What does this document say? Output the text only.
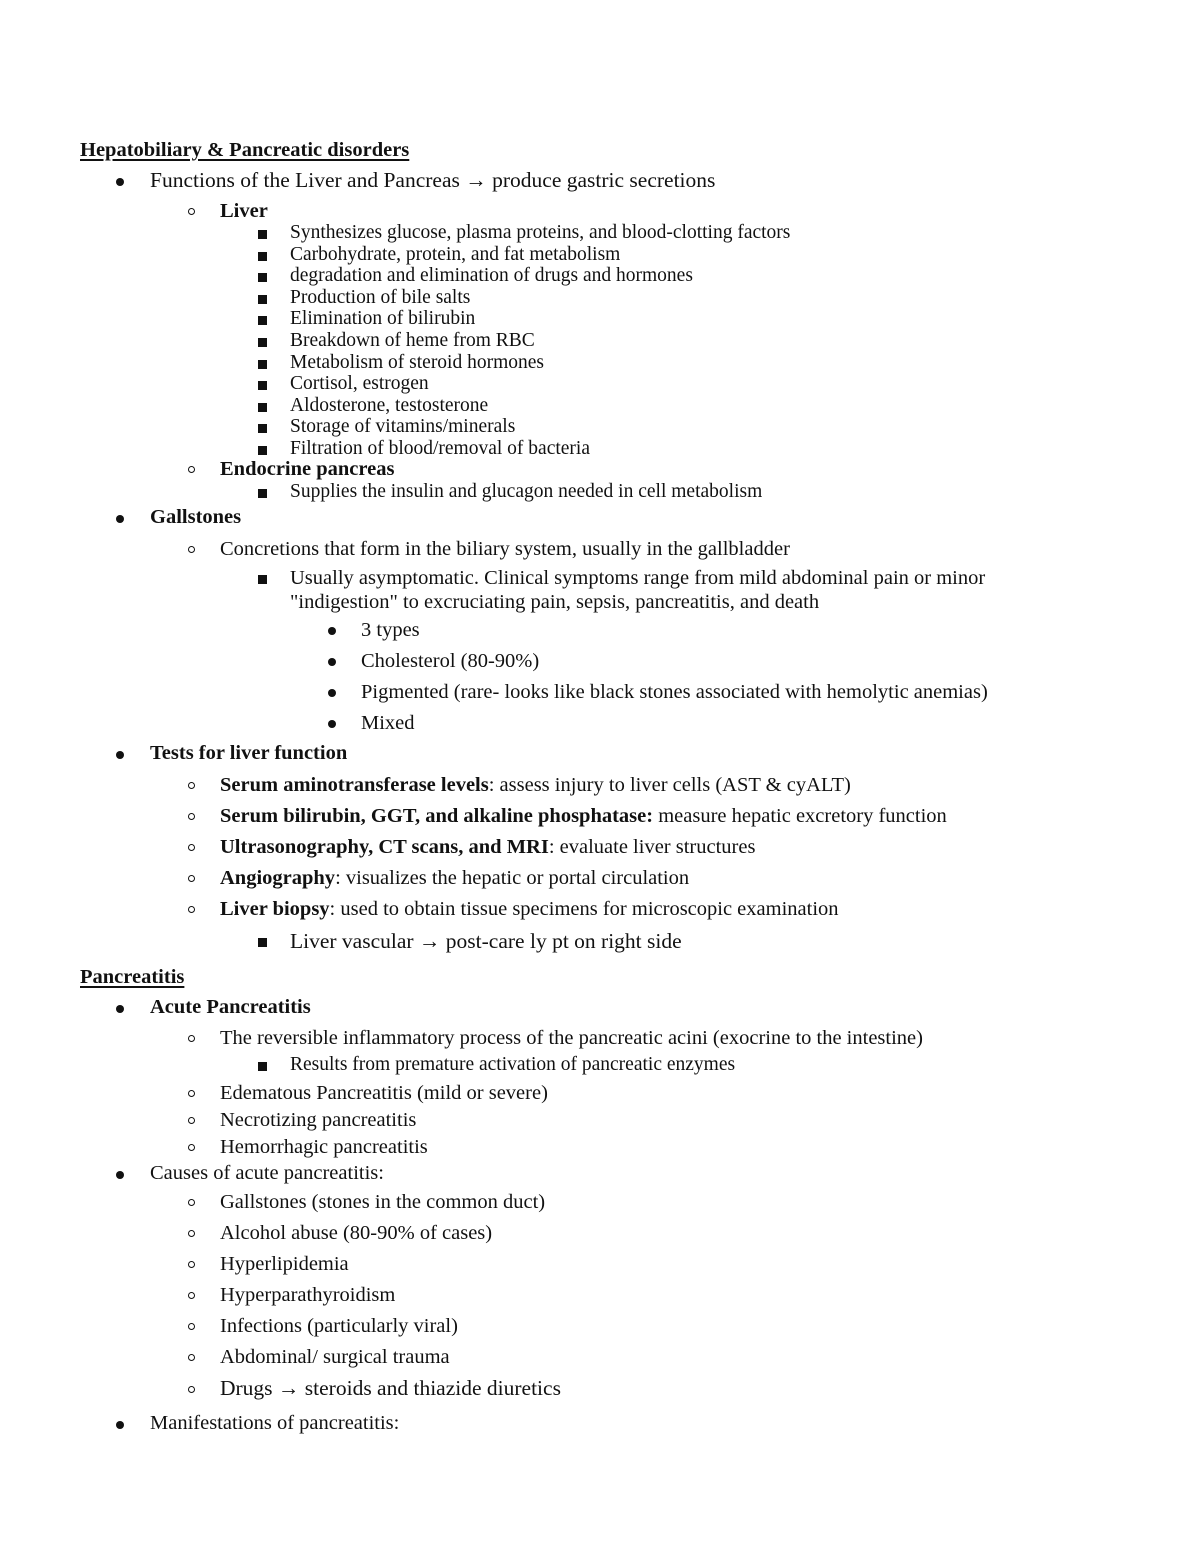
Hepatobiliary & Pancreatic disorders
Functions of the Liver and Pancreas → produce gastric secretions
Liver
Synthesizes glucose, plasma proteins, and blood-clotting factors
Carbohydrate, protein, and fat metabolism
degradation and elimination of drugs and hormones
Production of bile salts
Elimination of bilirubin
Breakdown of heme from RBC
Metabolism of steroid hormones
Cortisol, estrogen
Aldosterone, testosterone
Storage of vitamins/minerals
Filtration of blood/removal of bacteria
Endocrine pancreas
Supplies the insulin and glucagon needed in cell metabolism
Gallstones
Concretions that form in the biliary system, usually in the gallbladder
Usually asymptomatic. Clinical symptoms range from mild abdominal pain or minor
"indigestion" to excruciating pain, sepsis, pancreatitis, and death
3 types
Cholesterol (80-90%)
Pigmented (rare- looks like black stones associated with hemolytic anemias)
Mixed
Tests for liver function
Serum aminotransferase levels: assess injury to liver cells (AST & cyALT)
Serum bilirubin, GGT, and alkaline phosphatase: measure hepatic excretory function
Ultrasonography, CT scans, and MRI: evaluate liver structures
Angiography: visualizes the hepatic or portal circulation
Liver biopsy: used to obtain tissue specimens for microscopic examination
Liver vascular → post-care ly pt on right side
Pancreatitis
Acute Pancreatitis
The reversible inflammatory process of the pancreatic acini (exocrine to the intestine)
Results from premature activation of pancreatic enzymes
Edematous Pancreatitis (mild or severe)
Necrotizing pancreatitis
Hemorrhagic pancreatitis
Causes of acute pancreatitis:
Gallstones (stones in the common duct)
Alcohol abuse (80-90% of cases)
Hyperlipidemia
Hyperparathyroidism
Infections (particularly viral)
Abdominal/ surgical trauma
Drugs → steroids and thiazide diuretics
Manifestations of pancreatitis:
